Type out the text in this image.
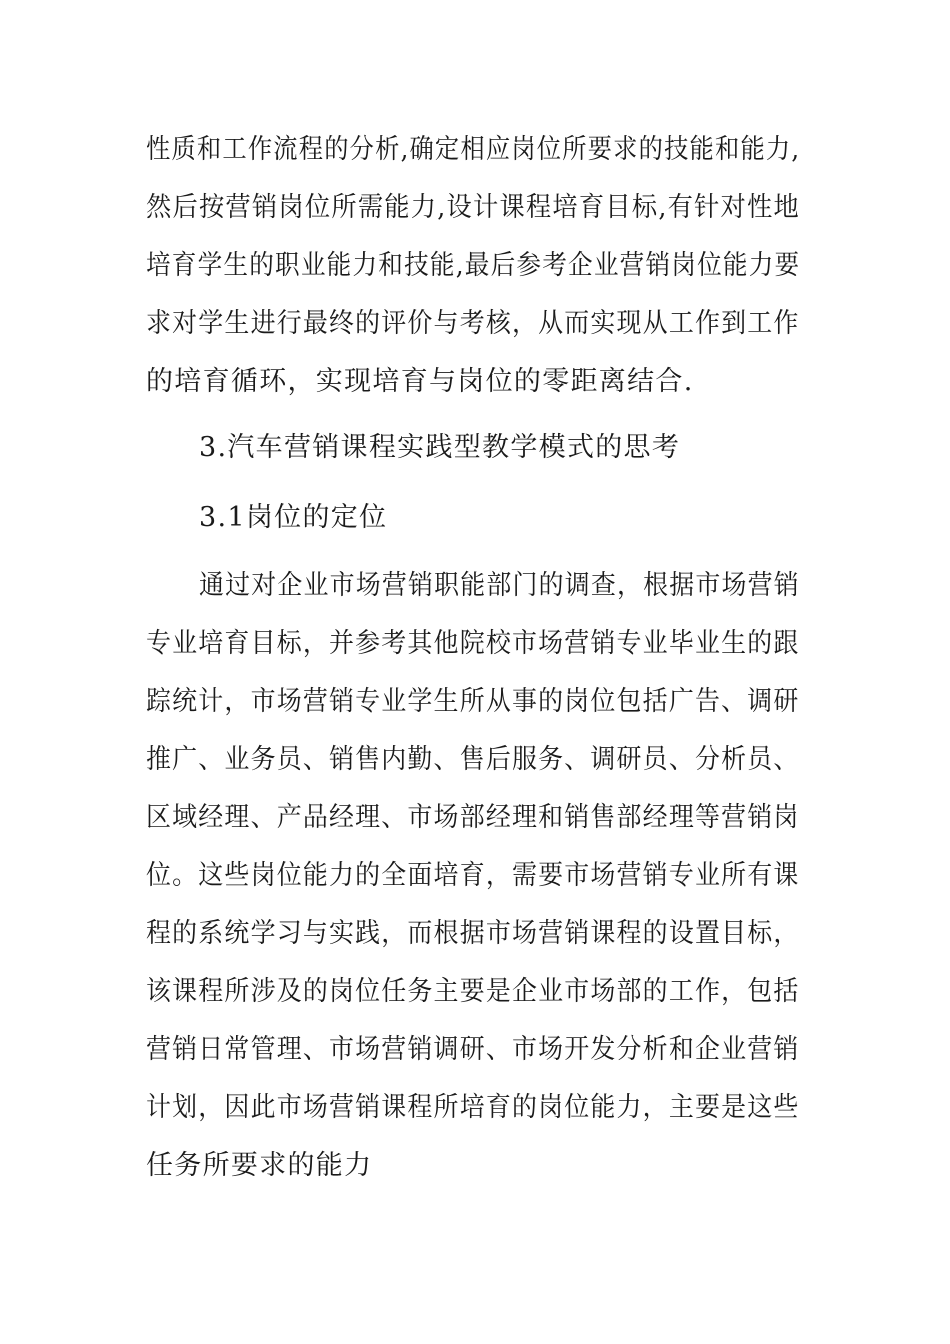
性质和工作流程的分析,确定相应岗位所要求的技能和能力,
然后按营销岗位所需能力,设计课程培育目标,有针对性地
培育学生的职业能力和技能,最后参考企业营销岗位能力要
求对学生进行最终的评价与考核，从而实现从工作到工作
的培育循环，实现培育与岗位的零距离结合.
3.汽车营销课程实践型教学模式的思考
3.1岗位的定位
通过对企业市场营销职能部门的调查，根据市场营销
专业培育目标，并参考其他院校市场营销专业毕业生的跟
踪统计，市场营销专业学生所从事的岗位包括广告、调研
推广、业务员、销售内勤、售后服务、调研员、分析员、
区域经理、产品经理、市场部经理和销售部经理等营销岗
位。这些岗位能力的全面培育，需要市场营销专业所有课
程的系统学习与实践，而根据市场营销课程的设置目标，
该课程所涉及的岗位任务主要是企业市场部的工作，包括
营销日常管理、市场营销调研、市场开发分析和企业营销
计划，因此市场营销课程所培育的岗位能力，主要是这些
任务所要求的能力
